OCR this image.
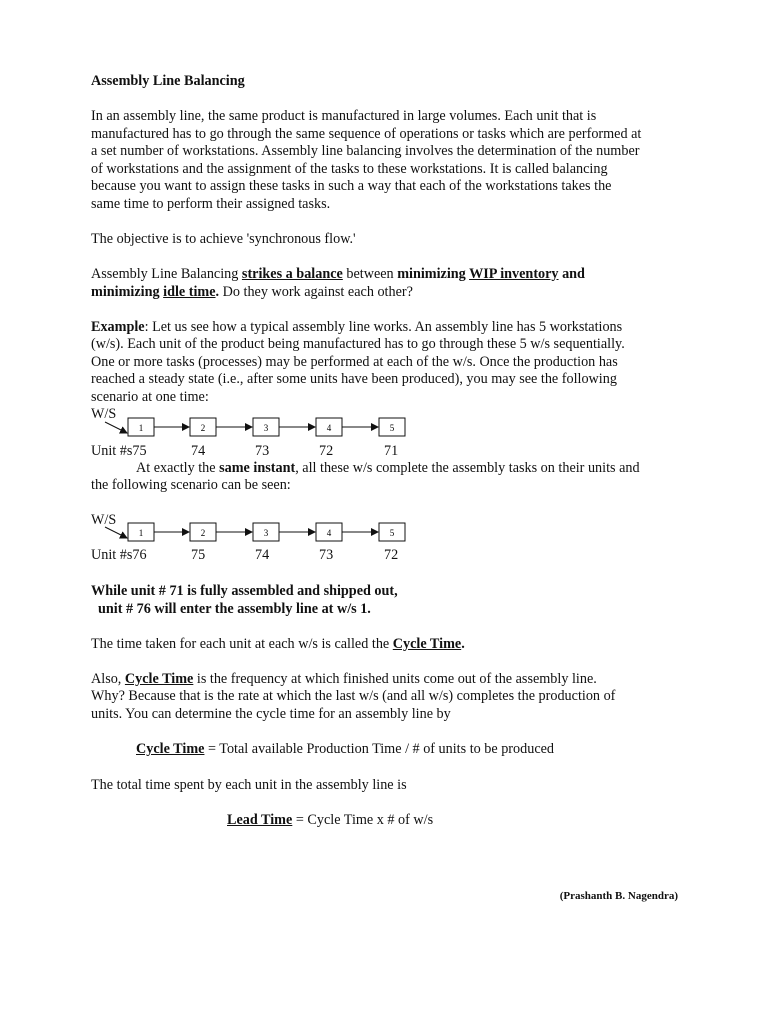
Assembly Line Balancing

In an assembly line, the same product is manufactured in large volumes. Each unit that is
manufactured has to go through the same sequence of operations or tasks which are performed at
a set number of workstations. Assembly line balancing involves the determination of the number
of workstations and the assignment of the tasks to these workstations. It is called balancing
because you want to assign these tasks in such a way that each of the workstations takes the
same time to perform their assigned tasks.

The objective is to achieve 'synchronous flow.'

Assembly Line Balancing strikes a balance between minimizing WIP inventory and

minimizing idle time. Do they work against each other?

Example: Let us see how a typical assembly line works. An assembly line has 5 workstations

(w/s). Each unit of the product being manufactured has to go through these 5 w/s sequentially.

One or more tasks (processes) may be performed at each of the w/s. Once the production has

reached a steady state (i.e., after some units have been produced), you may see the following

scenario at one time:

W/S
1	2	3	4	5
Unit #s75	74	73	72	71

At exactly the same instant, all these w/s complete the assembly tasks on their units and

the following scenario can be seen:

W/S
1	2	3	4	5
Unit #s76	75	74	73	72

While unit # 71 is fully assembled and shipped out,

unit # 76 will enter the assembly line at w/s 1.

The time taken for each unit at each w/s is called the Cycle Time.

Also, Cycle Time is the frequency at which finished units come out of the assembly line.

Why? Because that is the rate at which the last w/s (and all w/s) completes the production of

units. You can determine the cycle time for an assembly line by

Cycle Time = Total available Production Time / # of units to be produced

The total time spent by each unit in the assembly line is

Lead Time = Cycle Time x # of w/s

(Prashanth B. Nagendra)
